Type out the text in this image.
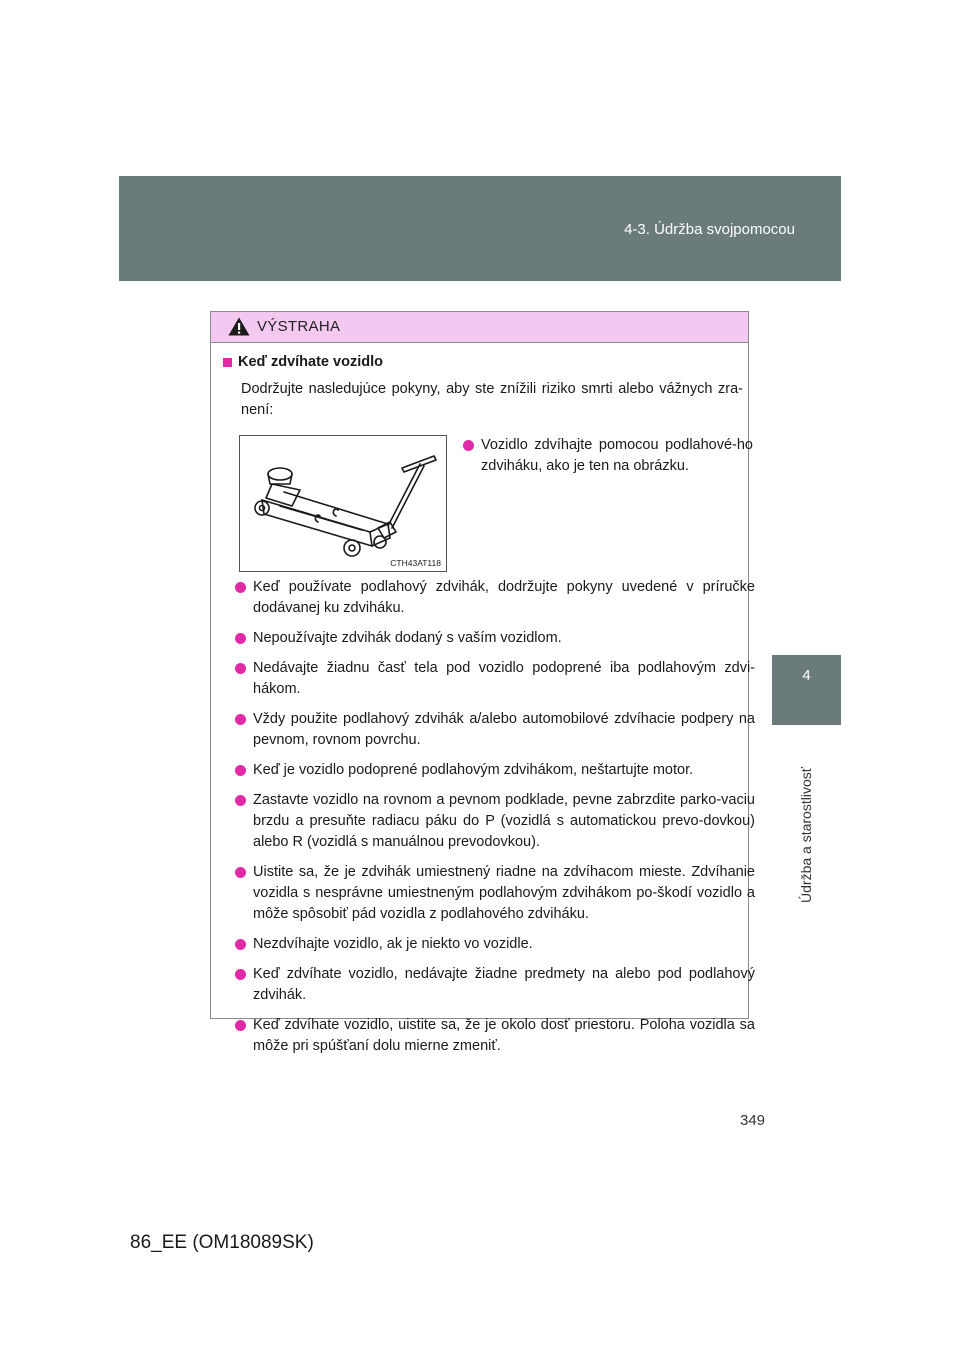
4-3. Údržba svojpomocou
4
Údržba a starostlivosť
VÝSTRAHA
Keď zdvíhate vozidlo
Dodržujte nasledujúce pokyny, aby ste znížili riziko smrti alebo vážnych zra-není:
CTH43AT118
Vozidlo zdvíhajte pomocou podlahové-ho zdviháku, ako je ten na obrázku.
Keď používate podlahový zdvihák, dodržujte pokyny uvedené v príručke dodávanej ku zdviháku.
Nepoužívajte zdvihák dodaný s vaším vozidlom.
Nedávajte žiadnu časť tela pod vozidlo podoprené iba podlahovým zdvi-hákom.
Vždy použite podlahový zdvihák a/alebo automobilové zdvíhacie podpery na pevnom, rovnom povrchu.
Keď je vozidlo podoprené podlahovým zdvihákom, neštartujte motor.
Zastavte vozidlo na rovnom a pevnom podklade, pevne zabrzdite parko-vaciu brzdu a presuňte radiacu páku do P (vozidlá s automatickou prevo-dovkou) alebo R (vozidlá s manuálnou prevodovkou).
Uistite sa, že je zdvihák umiestnený riadne na zdvíhacom mieste. Zdvíhanie vozidla s nesprávne umiestneným podlahovým zdvihákom po-škodí vozidlo a môže spôsobiť pád vozidla z podlahového zdviháku.
Nezdvíhajte vozidlo, ak je niekto vo vozidle.
Keď zdvíhate vozidlo, nedávajte žiadne predmety na alebo pod podlahový zdvihák.
Keď zdvíhate vozidlo, uistite sa, že je okolo dosť priestoru. Poloha vozidla sa môže pri spúšťaní dolu mierne zmeniť.
349
86_EE (OM18089SK)
